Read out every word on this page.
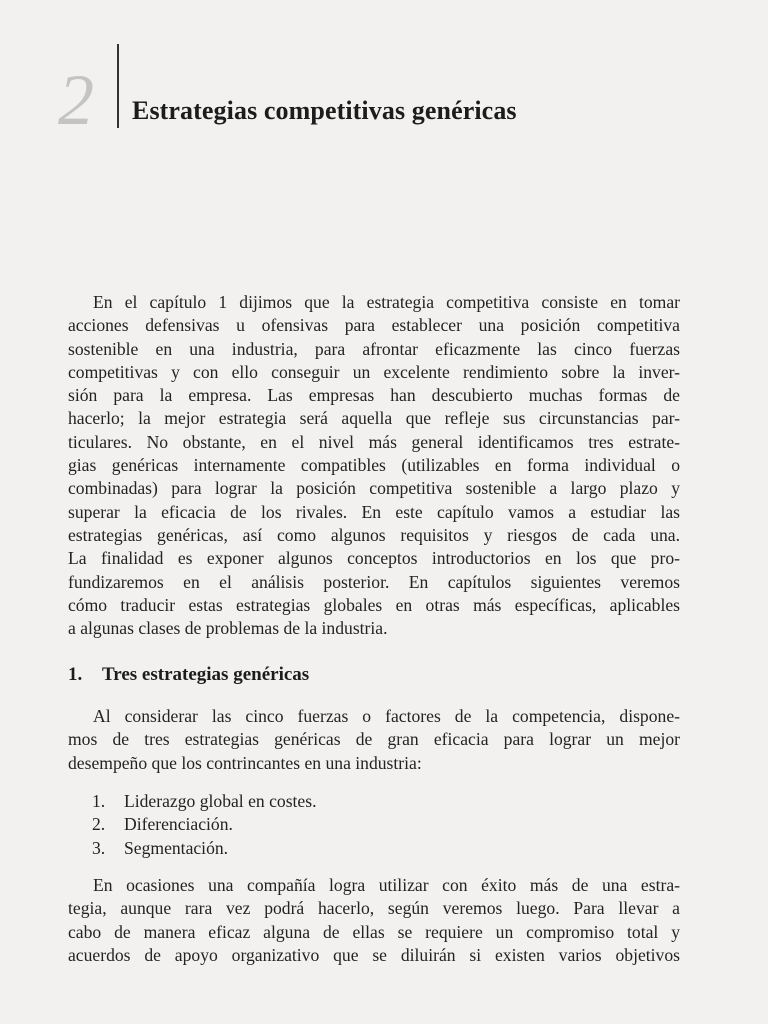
2 Estrategias competitivas genéricas
En el capítulo 1 dijimos que la estrategia competitiva consiste en tomar
acciones defensivas u ofensivas para establecer una posición competitiva
sostenible en una industria, para afrontar eficazmente las cinco fuerzas
competitivas y con ello conseguir un excelente rendimiento sobre la inver-
sión para la empresa. Las empresas han descubierto muchas formas de
hacerlo; la mejor estrategia será aquella que refleje sus circunstancias par-
ticulares. No obstante, en el nivel más general identificamos tres estrate-
gias genéricas internamente compatibles (utilizables en forma individual o
combinadas) para lograr la posición competitiva sostenible a largo plazo y
superar la eficacia de los rivales. En este capítulo vamos a estudiar las
estrategias genéricas, así como algunos requisitos y riesgos de cada una.
La finalidad es exponer algunos conceptos introductorios en los que pro-
fundizaremos en el análisis posterior. En capítulos siguientes veremos
cómo traducir estas estrategias globales en otras más específicas, aplicables
a algunas clases de problemas de la industria.
1. Tres estrategias genéricas
Al considerar las cinco fuerzas o factores de la competencia, dispone-
mos de tres estrategias genéricas de gran eficacia para lograr un mejor
desempeño que los contrincantes en una industria:
1. Liderazgo global en costes.
2. Diferenciación.
3. Segmentación.
En ocasiones una compañía logra utilizar con éxito más de una estra-
tegia, aunque rara vez podrá hacerlo, según veremos luego. Para llevar a
cabo de manera eficaz alguna de ellas se requiere un compromiso total y
acuerdos de apoyo organizativo que se diluirán si existen varios objetivos
